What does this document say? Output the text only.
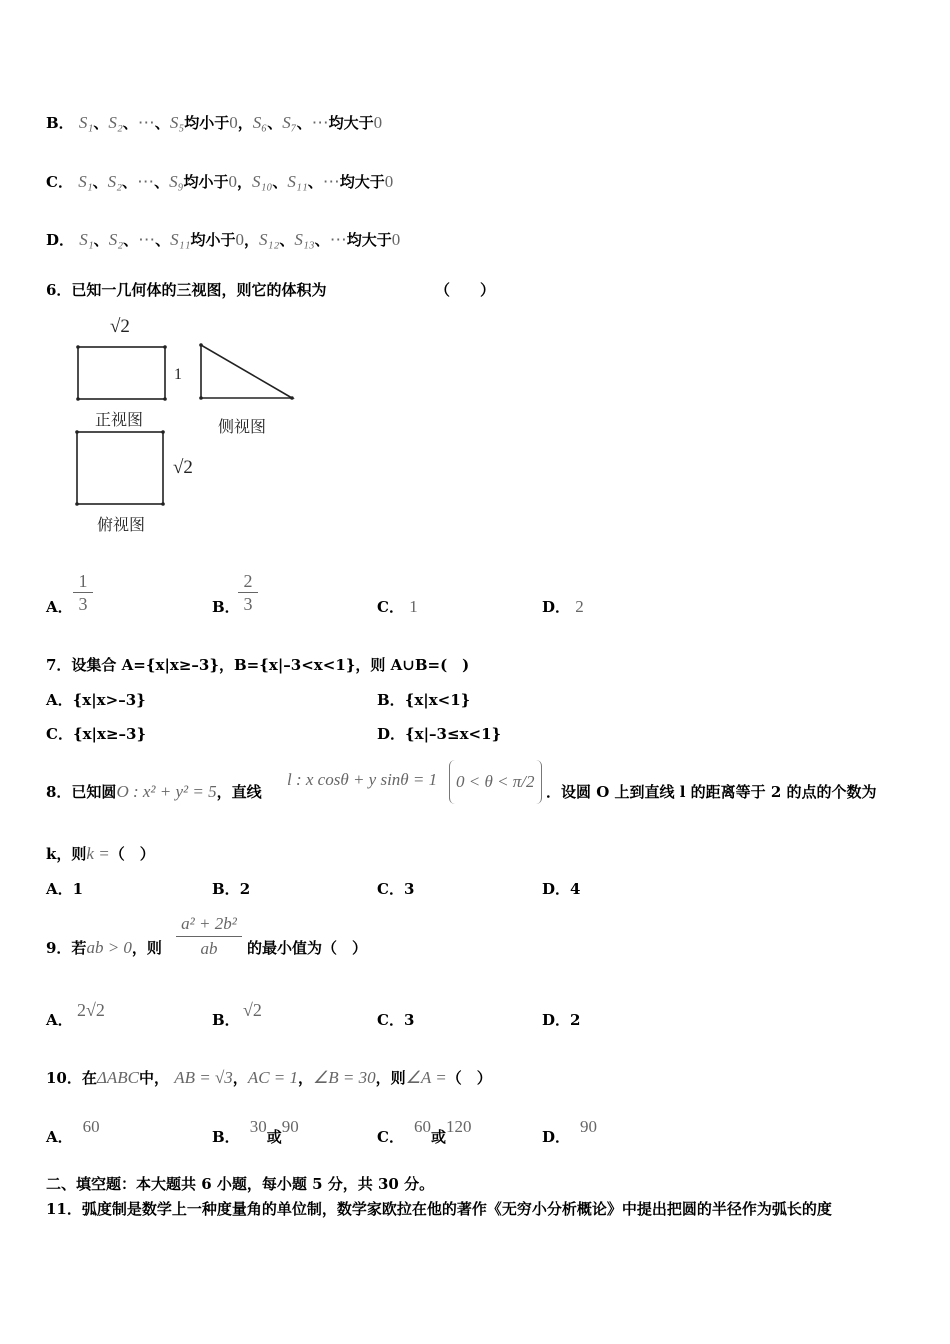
B． S₁、S₂、⋯、S₅均小于0，S₆、S₇、⋯均大于0
C． S₁、S₂、⋯、S₉均小于0，S₁₀、S₁₁、⋯均大于0
D． S₁、S₂、⋯、S₁₁均小于0，S₁₂、S₁₃、⋯均大于0
6．已知一几何体的三视图，则它的体积为	（　　）
√2
1
正视图	侧视图
√2
俯视图
A． $\frac{1}{3}$	B．
$\frac{2}{3}$	C． 1	D． 2
7．设集合 A={x|x≥–3}，B={x|–3<x<1}，则 A∪B=(　)
A．{x|x>–3}	B．{x|x<1}
C．{x|x≥–3}	D．{x|–3≤x<1}
8．已知圆O : x² + y² = 5，直线
l : x cosθ + y sinθ = 1	0 < θ < π/2
．设圆 O 上到直线 l 的距离等于 2 的点的个数为
k，则k =（　）
A．1	B．2	C．3	D．4
9．若ab > 0，则
a² + 2b²
ab	的最小值为（　）
A． 2√2	B． √2	C．3	D．2
10．在ΔABC中， AB = √3，AC = 1，∠B = 30，则∠A =（　）
A．60
B．30或90
C．60或120
D．90
二、填空题：本大题共 6 小题，每小题 5 分，共 30 分。
11．弧度制是数学上一种度量角的单位制，数学家欧拉在他的著作《无穷小分析概论》中提出把圆的半径作为弧长的度
